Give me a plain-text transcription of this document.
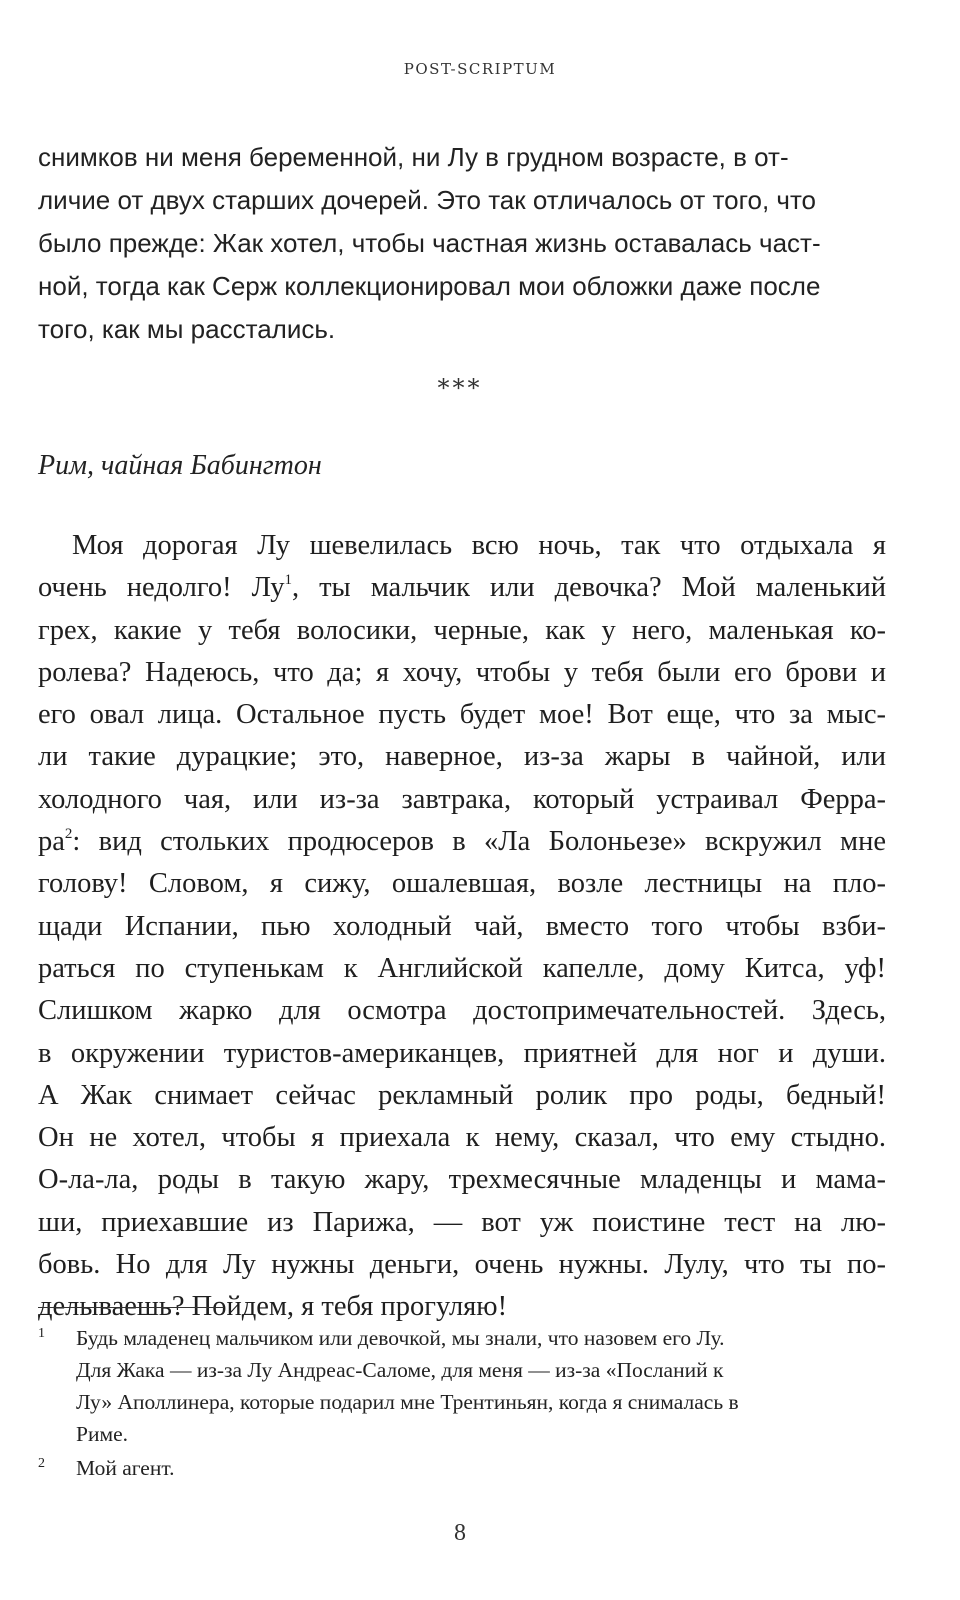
POST-SCRIPTUM

снимков ни меня беременной, ни Лу в грудном возрасте, в от-
личие от двух старших дочерей. Это так отличалось от того, что
было прежде: Жак хотел, чтобы частная жизнь оставалась част-
ной, тогда как Серж коллекционировал мои обложки даже после
того, как мы расстались.

***

Рим, чайная Бабингтон

Моя дорогая Лу шевелилась всю ночь, так что отдыхала я
очень недолго! $Лу^1$, ты мальчик или девочка? Мой маленький
грех, какие у тебя волосики, черные, как у него, маленькая ко-
ролева? Надеюсь, что да; я хочу, чтобы у тебя были его брови и
его овал лица. Остальное пусть будет мое! Вот еще, что за мыс-
ли такие дурацкие; это, наверное, из-за жары в чайной, или
холодного чая, или из-за завтрака, который устраивал Ферра-
$ра^2$: вид стольких продюсеров в «Ла Болоньезе» вскружил мне
голову! Словом, я сижу, ошалевшая, возле лестницы на пло-
щади Испании, пью холодный чай, вместо того чтобы взби-
раться по ступенькам к Английской капелле, дому Китса, уф!
Слишком жарко для осмотра достопримечательностей. Здесь,
в окружении туристов-американцев, приятней для ног и души.
А Жак снимает сейчас рекламный ролик про роды, бедный!
Он не хотел, чтобы я приехала к нему, сказал, что ему стыдно.
О-ла-ла, роды в такую жару, трехмесячные младенцы и мама-
ши, приехавшие из Парижа, — вот уж поистине тест на лю-
бовь. Но для Лу нужны деньги, очень нужны. Лулу, что ты по-
делываешь? Пойдем, я тебя прогуляю!

1 Будь младенец мальчиком или девочкой, мы знали, что назовем его Лу.
Для Жака — из-за Лу Андреас-Саломе, для меня — из-за «Посланий к
Лу» Аполлинера, которые подарил мне Трентиньян, когда я снималась в
Риме.
2 Мой агент.
8
